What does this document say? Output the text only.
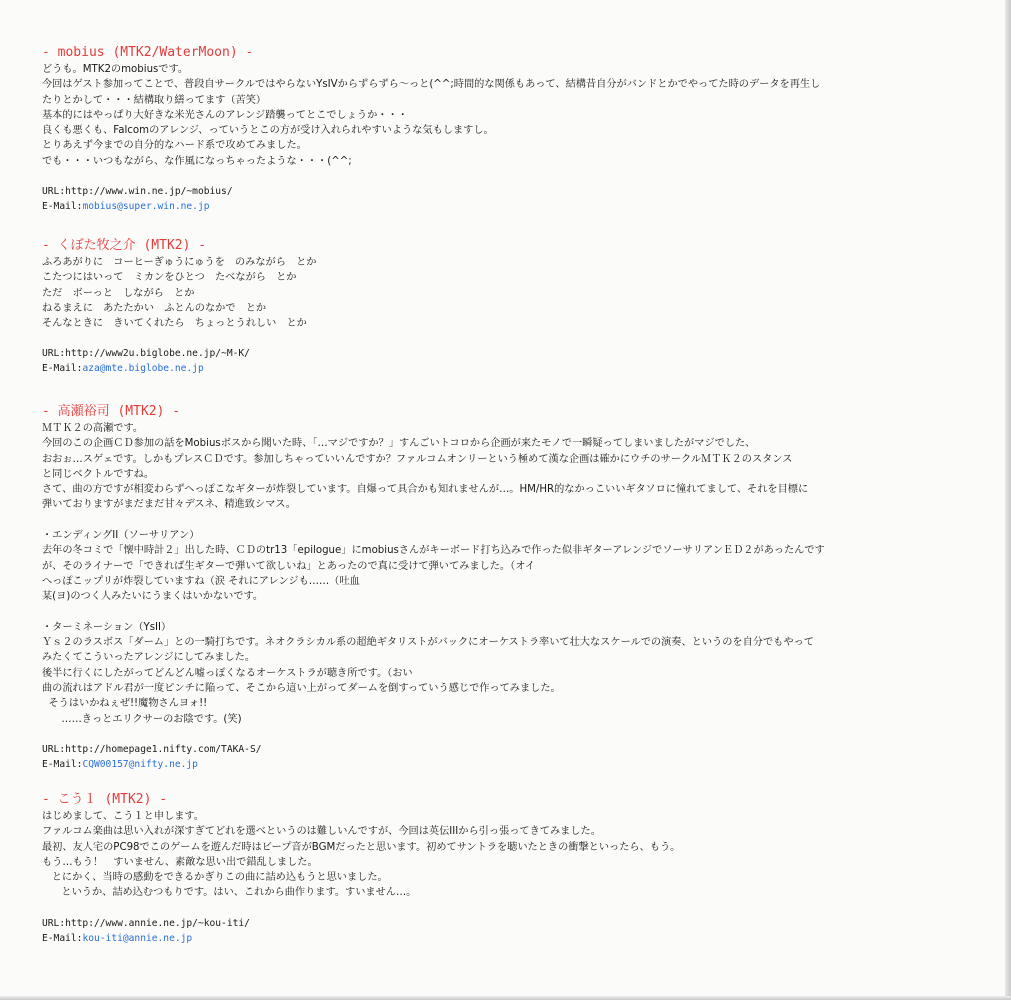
- mobius (MTK2/WaterMoon) -
どうも。MTK2のmobiusです。
今回はゲスト参加ってことで、普段自サークルではやらないYsIVからずらずら～っと(^^;時間的な関係もあって、結構昔自分がバンドとかでやってた時のデータを再生し
たりとかして・・・結構取り繕ってます（苦笑）
基本的にはやっぱり大好きな米光さんのアレンジ踏襲ってとこでしょうか・・・
良くも悪くも、Falcomのアレンジ、っていうとこの方が受け入れられやすいような気もしますし。
とりあえず今までの自分的なハード系で攻めてみました。
でも・・・いつもながら、な作風になっちゃったような・・・(^^;
URL:http://www.win.ne.jp/~mobius/
E-Mail:mobius@super.win.ne.jp
- くぼた牧之介 (MTK2) -
ふろあがりに　コーヒーぎゅうにゅうを　のみながら　とか
こたつにはいって　ミカンをひとつ　たべながら　とか
ただ　ボーっと　しながら　とか
ねるまえに　あたたかい　ふとんのなかで　とか
そんなときに　きいてくれたら　ちょっとうれしい　とか
URL:http://www2u.biglobe.ne.jp/~M-K/
E-Mail:aza@mte.biglobe.ne.jp
- 高瀬裕司 (MTK2) -
ＭＴＫ２の高瀬です。
今回のこの企画ＣＤ参加の話をMobiusボスから聞いた時、「…マジですか？」すんごいトコロから企画が来たモノで一瞬疑ってしまいましたがマジでした、
おおぉ…スゲェです。しかもプレスＣＤです。参加しちゃっていいんですか？ファルコムオンリーという極めて漢な企画は確かにウチのサークルＭＴＫ２のスタンス
と同じベクトルですね。
さて、曲の方ですが相変わらずへっぽこなギターが炸裂しています。自爆って具合かも知れませんが…。HM/HR的なかっこいいギタソロに憧れてまして、それを目標に
弾いておりますがまだまだ甘々デスネ、精進致シマス。
・エンディングII（ソーサリアン）
去年の冬コミで「懐中時計２」出した時、ＣＤのtr13「epilogue」にmobiusさんがキーボード打ち込みで作った似非ギターアレンジでソーサリアンＥＤ２があったんです
が、そのライナーで「できれば生ギターで弾いて欲しいね」とあったので真に受けて弾いてみました。（オイ
へっぽこップリが炸裂していますね（涙 それにアレンジも……（吐血
某(ヨ)のつく人みたいにうまくはいかないです。
・ターミネーション（YsII）
Ｙｓ２のラスボス「ダーム」との一騎打ちです。ネオクラシカル系の超絶ギタリストがバックにオーケストラ率いて壮大なスケールでの演奏、というのを自分でもやって
みたくてこういったアレンジにしてみました。
後半に行くにしたがってどんどん嘘っぽくなるオーケストラが聴き所です。（おい
曲の流れはアドル君が一度ピンチに陥って、そこから這い上がってダームを倒すっていう感じで作ってみました。
そうはいかねぇぜ!!魔物さんヨォ!!
……きっとエリクサーのお陰です。(笑)
URL:http://homepage1.nifty.com/TAKA-S/
E-Mail:CQW00157@nifty.ne.jp
- こう１ (MTK2) -
はじめまして、こう１と申します。
ファルコム楽曲は思い入れが深すぎてどれを選べというのは難しいんですが、今回は英伝IIIから引っ張ってきてみました。
最初、友人宅のPC98でこのゲームを遊んだ時はビープ音がBGMだったと思います。初めてサントラを聴いたときの衝撃といったら、もう。
もう…もう！　すいません、素敵な思い出で錯乱しました。
とにかく、当時の感動をできるかぎりこの曲に詰め込もうと思いました。
というか、詰め込むつもりです。はい、これから曲作ります。すいません…。
URL:http://www.annie.ne.jp/~kou-iti/
E-Mail:kou-iti@annie.ne.jp
